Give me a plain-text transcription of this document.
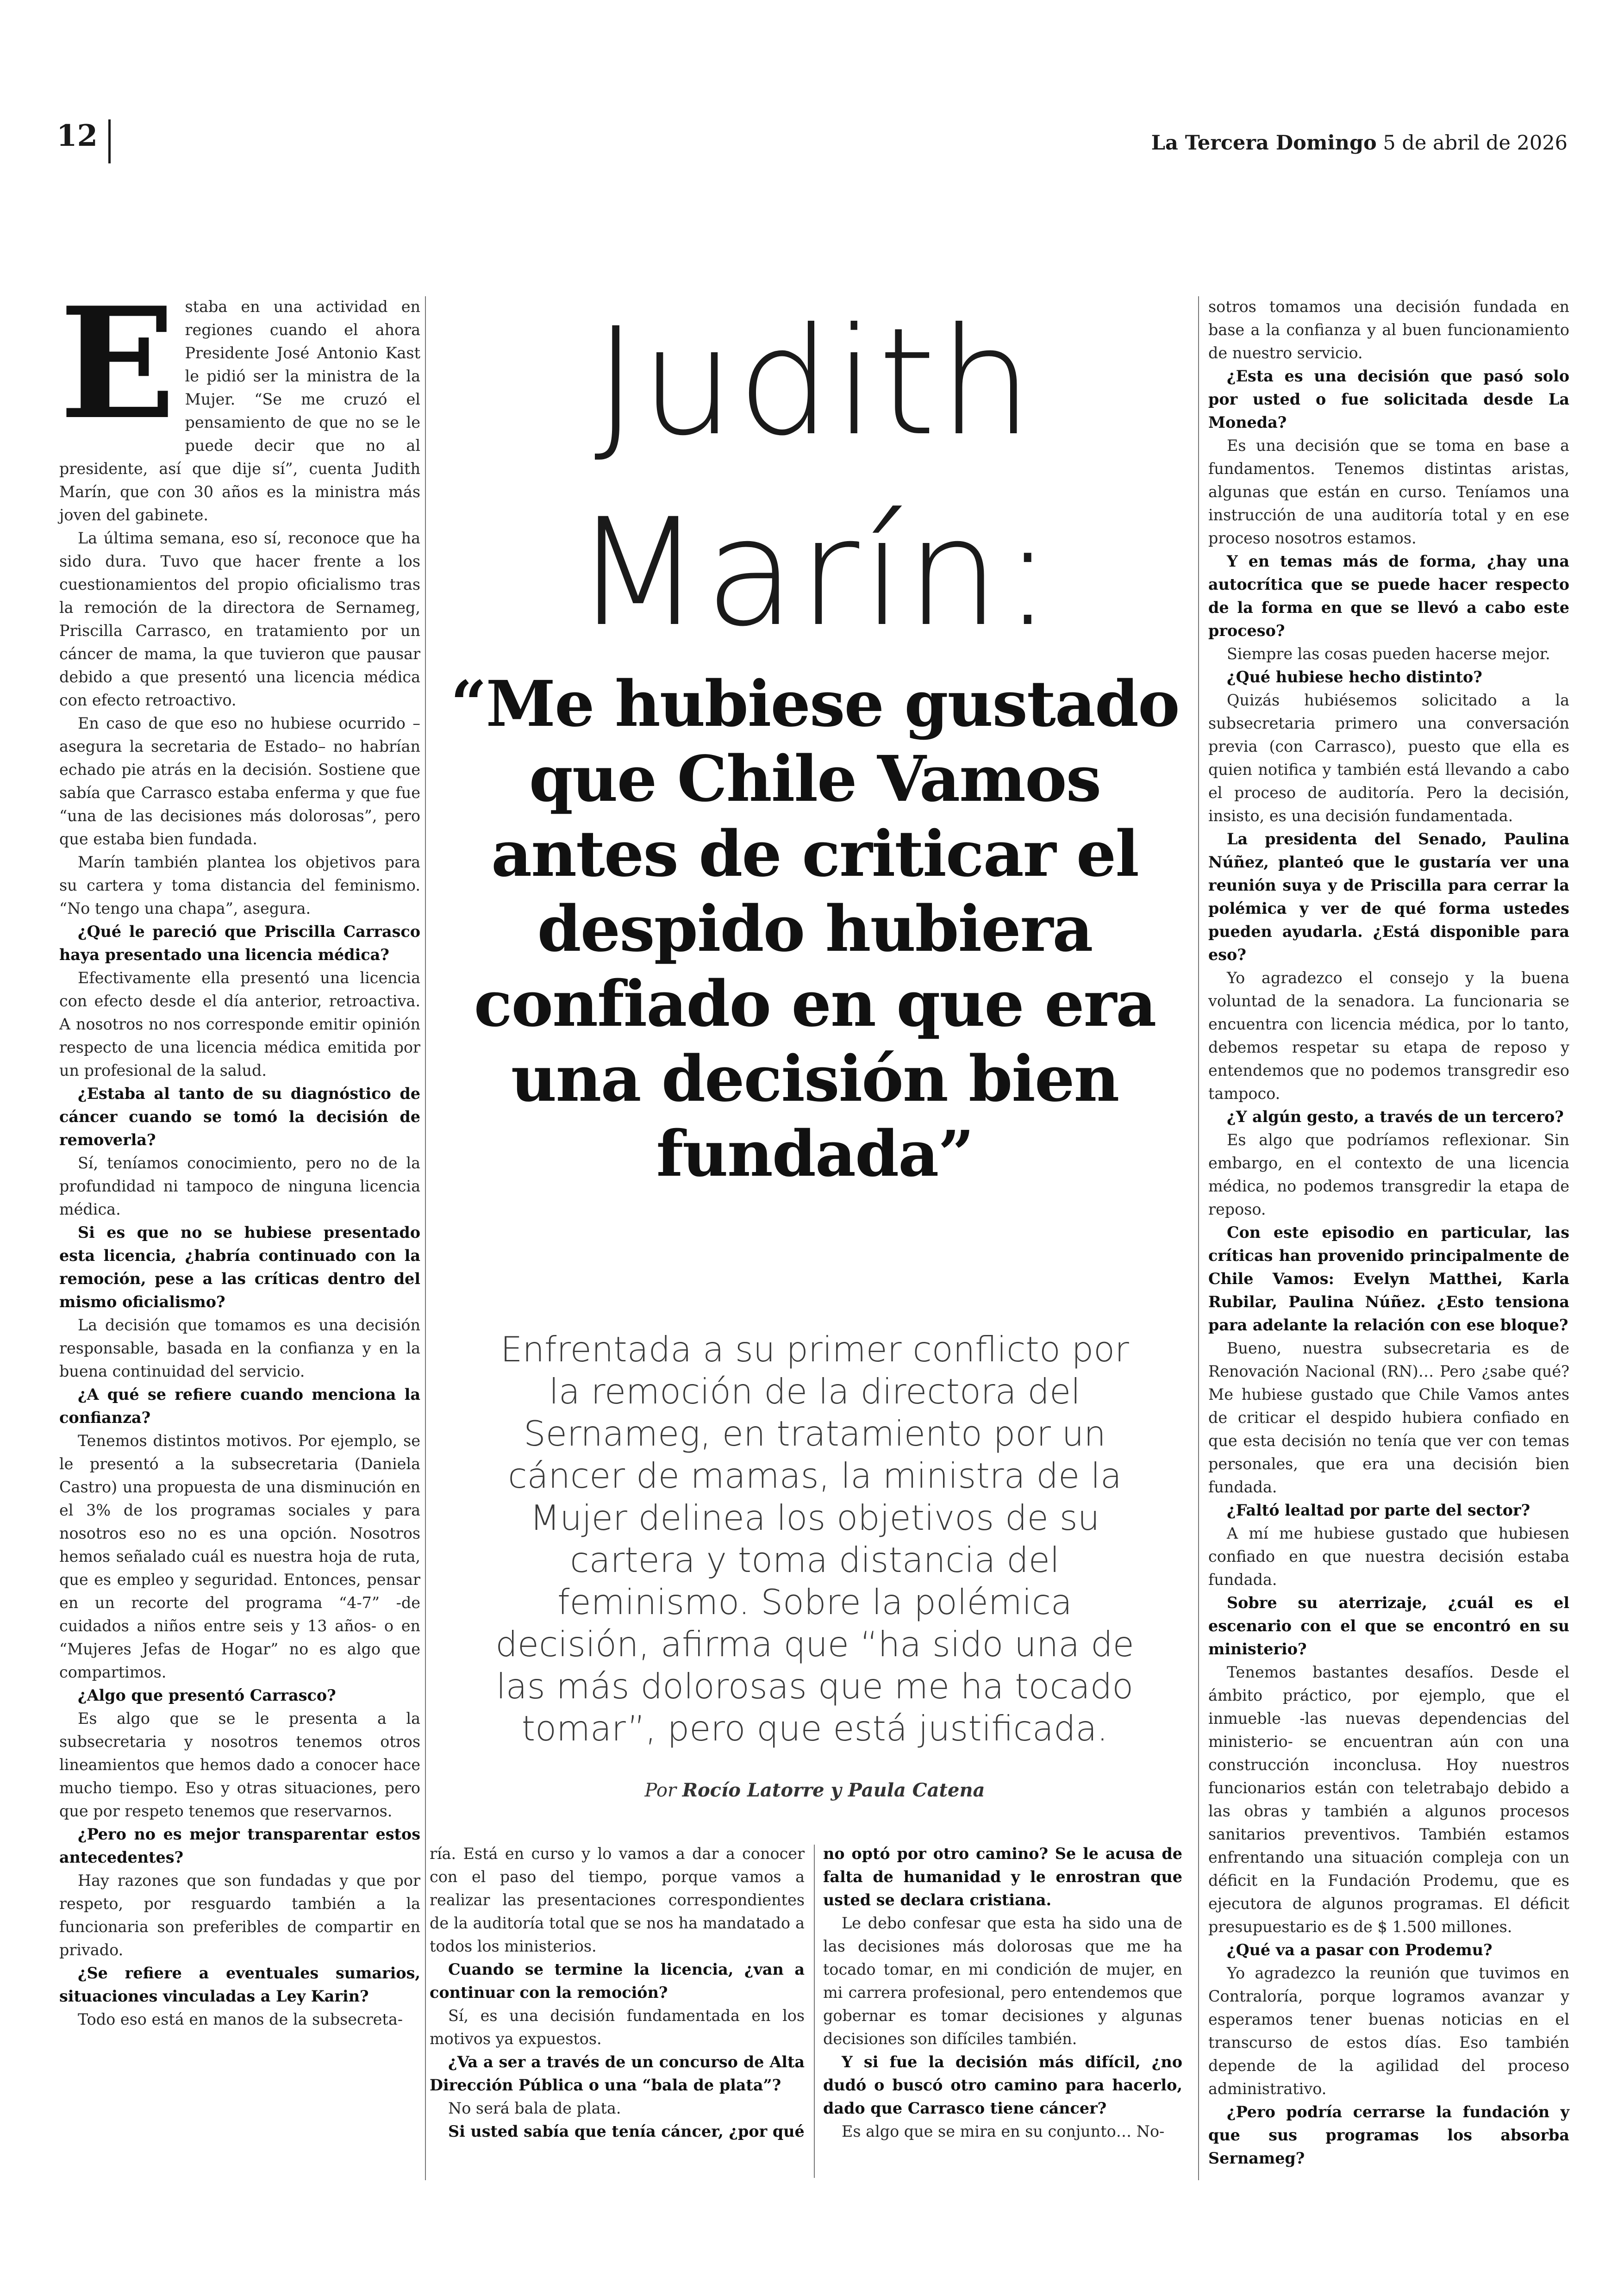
12	La Tercera Domingo 5 de abril de 2026
E staba en una actividad en regiones cuando el ahora Presidente José Antonio Kast le pidió ser la ministra de la Mujer. “Se me cruzó el pensamiento de que no se le puede decir que no al presidente, así que dije sí”, cuenta Judith Marín, que con 30 años es la ministra más joven del gabinete.

La última semana, eso sí, reconoce que ha sido dura. Tuvo que hacer frente a los cuestionamientos del propio oficialismo tras la remoción de la directora de Sernameg, Priscilla Carrasco, en tratamiento por un cáncer de mama, la que tuvieron que pausar debido a que presentó una licencia médica con efecto retroactivo.

En caso de que eso no hubiese ocurrido –asegura la secretaria de Estado– no habrían echado pie atrás en la decisión. Sostiene que sabía que Carrasco estaba enferma y que fue “una de las decisiones más dolorosas”, pero que estaba bien fundada.

Marín también plantea los objetivos para su cartera y toma distancia del feminismo. “No tengo una chapa”, asegura.

¿Qué le pareció que Priscilla Carrasco haya presentado una licencia médica?

Efectivamente ella presentó una licencia con efecto desde el día anterior, retroactiva. A nosotros no nos corresponde emitir opinión respecto de una licencia médica emitida por un profesional de la salud.

¿Estaba al tanto de su diagnóstico de cáncer cuando se tomó la decisión de removerla?

Sí, teníamos conocimiento, pero no de la profundidad ni tampoco de ninguna licencia médica.

Si es que no se hubiese presentado esta licencia, ¿habría continuado con la remoción, pese a las críticas dentro del mismo oficialismo?

La decisión que tomamos es una decisión responsable, basada en la confianza y en la buena continuidad del servicio.

¿A qué se refiere cuando menciona la confianza?

Tenemos distintos motivos. Por ejemplo, se le presentó a la subsecretaria (Daniela Castro) una propuesta de una disminución en el 3% de los programas sociales y para nosotros eso no es una opción. Nosotros hemos señalado cuál es nuestra hoja de ruta, que es empleo y seguridad. Entonces, pensar en un recorte del programa “4-7” -de cuidados a niños entre seis y 13 años- o en “Mujeres Jefas de Hogar” no es algo que compartimos.

¿Algo que presentó Carrasco?

Es algo que se le presenta a la subsecretaria y nosotros tenemos otros lineamientos que hemos dado a conocer hace mucho tiempo. Eso y otras situaciones, pero que por respeto tenemos que reservarnos.

¿Pero no es mejor transparentar estos antecedentes?

Hay razones que son fundadas y que por respeto, por resguardo también a la funcionaria son preferibles de compartir en privado.

¿Se refiere a eventuales sumarios, situaciones vinculadas a Ley Karin?

Todo eso está en manos de la subsecreta-

ría. Está en curso y lo vamos a dar a conocer con el paso del tiempo, porque vamos a realizar las presentaciones correspondientes de la auditoría total que se nos ha mandatado a todos los ministerios.

Cuando se termine la licencia, ¿van a continuar con la remoción?

Sí, es una decisión fundamentada en los motivos ya expuestos.

¿Va a ser a través de un concurso de Alta Dirección Pública o una “bala de plata”?

No será bala de plata.

Si usted sabía que tenía cáncer, ¿por qué

no optó por otro camino? Se le acusa de falta de humanidad y le enrostran que usted se declara cristiana.

Le debo confesar que esta ha sido una de las decisiones más dolorosas que me ha tocado tomar, en mi condición de mujer, en mi carrera profesional, pero entendemos que gobernar es tomar decisiones y algunas decisiones son difíciles también.

Y si fue la decisión más difícil, ¿no dudó o buscó otro camino para hacerlo, dado que Carrasco tiene cáncer?

Es algo que se mira en su conjunto… No-

sotros tomamos una decisión fundada en base a la confianza y al buen funcionamiento de nuestro servicio.

¿Esta es una decisión que pasó solo por usted o fue solicitada desde La Moneda?

Es una decisión que se toma en base a fundamentos. Tenemos distintas aristas, algunas que están en curso. Teníamos una instrucción de una auditoría total y en ese proceso nosotros estamos.

Y en temas más de forma, ¿hay una autocrítica que se puede hacer respecto de la forma en que se llevó a cabo este proceso?

Siempre las cosas pueden hacerse mejor.

¿Qué hubiese hecho distinto?

Quizás hubiésemos solicitado a la subsecretaria primero una conversación previa (con Carrasco), puesto que ella es quien notifica y también está llevando a cabo el proceso de auditoría. Pero la decisión, insisto, es una decisión fundamentada.

La presidenta del Senado, Paulina Núñez, planteó que le gustaría ver una reunión suya y de Priscilla para cerrar la polémica y ver de qué forma ustedes pueden ayudarla. ¿Está disponible para eso?

Yo agradezco el consejo y la buena voluntad de la senadora. La funcionaria se encuentra con licencia médica, por lo tanto, debemos respetar su etapa de reposo y entendemos que no podemos transgredir eso tampoco.

¿Y algún gesto, a través de un tercero?

Es algo que podríamos reflexionar. Sin embargo, en el contexto de una licencia médica, no podemos transgredir la etapa de reposo.

Con este episodio en particular, las críticas han provenido principalmente de Chile Vamos: Evelyn Matthei, Karla Rubilar, Paulina Núñez. ¿Esto tensiona para adelante la relación con ese bloque?

Bueno, nuestra subsecretaria es de Renovación Nacional (RN)… Pero ¿sabe qué? Me hubiese gustado que Chile Vamos antes de criticar el despido hubiera confiado en que esta decisión no tenía que ver con temas personales, que era una decisión bien fundada.

¿Faltó lealtad por parte del sector?

A mí me hubiese gustado que hubiesen confiado en que nuestra decisión estaba fundada.

Sobre su aterrizaje, ¿cuál es el escenario con el que se encontró en su ministerio?

Tenemos bastantes desafíos. Desde el ámbito práctico, por ejemplo, que el inmueble -las nuevas dependencias del ministerio- se encuentran aún con una construcción inconclusa. Hoy nuestros funcionarios están con teletrabajo debido a las obras y también a algunos procesos sanitarios preventivos. También estamos enfrentando una situación compleja con un déficit en la Fundación Prodemu, que es ejecutora de algunos programas. El déficit presupuestario es de $ 1.500 millones.

¿Qué va a pasar con Prodemu?

Yo agradezco la reunión que tuvimos en Contraloría, porque logramos avanzar y esperamos tener buenas noticias en el transcurso de estos días. Eso también depende de la agilidad del proceso administrativo.

¿Pero podría cerrarse la fundación y que sus programas los absorba Sernameg?

Judith
Marín:
“Me hubiese gustado que Chile Vamos antes de criticar el despido hubiera confiado en que era una decisión bien fundada”
Enfrentada a su primer conflicto por la remoción de la directora del Sernameg, en tratamiento por un cáncer de mamas, la ministra de la Mujer delinea los objetivos de su cartera y toma distancia del feminismo. Sobre la polémica decisión, afirma que “ha sido una de las más dolorosas que me ha tocado tomar”, pero que está justificada.
Por Rocío Latorre y Paula Catena
